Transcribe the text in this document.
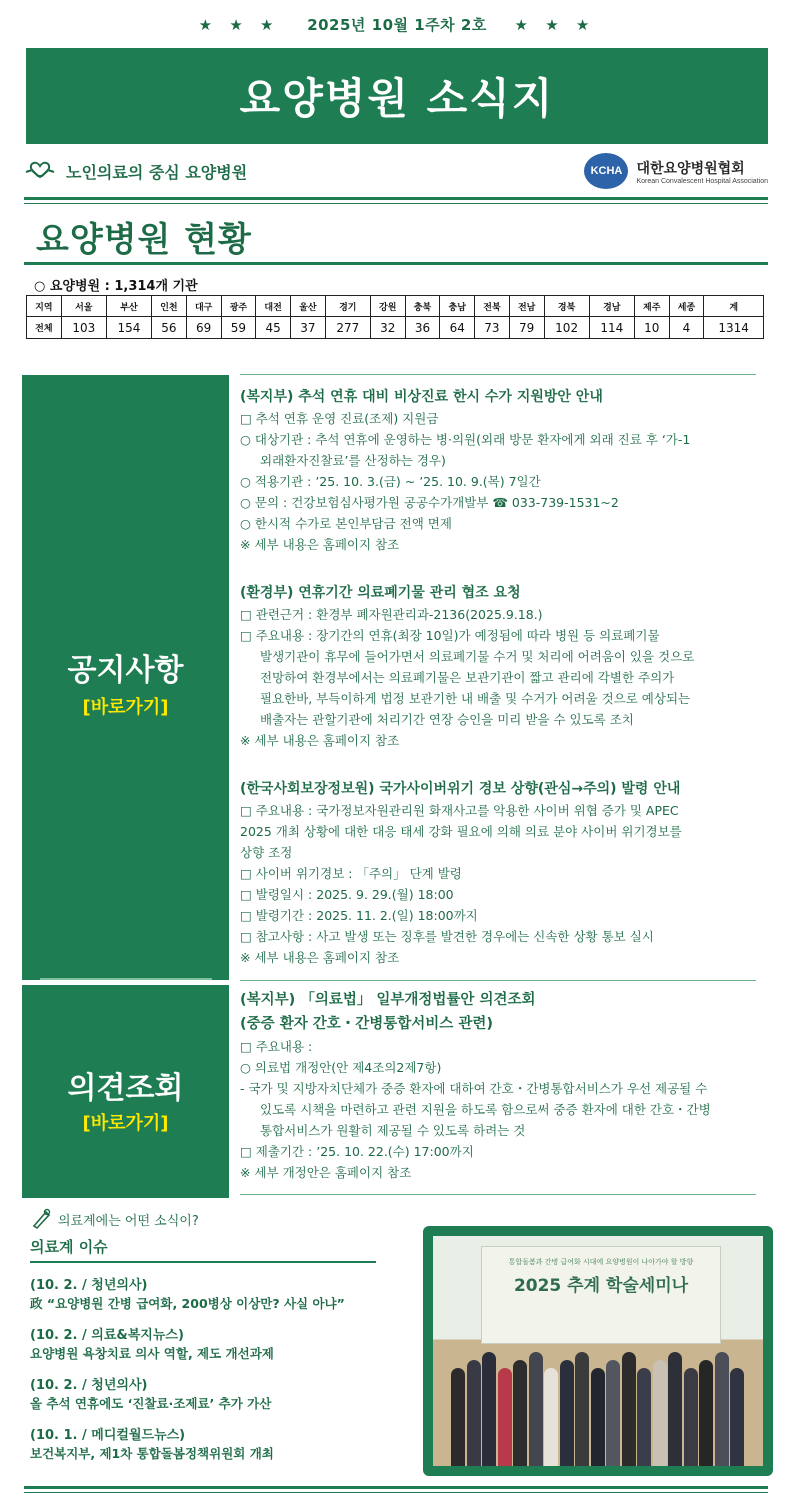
★ ★ ★ 2025년 10월 1주차 2호 ★ ★ ★
요양병원 소식지
노인의료의 중심 요양병원	KCHA	대한요양병원협회
Korean Convalescent Hospital Association
요양병원 현황
○ 요양병원 : 1,314개 기관
지역	서울	부산	인천	대구	광주	대전	울산	경기	강원	충북	충남	전북	전남	경북	경남	제주	세종	계
전체	103	154	56	69	59	45	37	277	32	36	64	73	79	102	114	10	4	1314
공지사항
[바로가기]
의견조회
[바로가기]
(복지부) 추석 연휴 대비 비상진료 한시 수가 지원방안 안내
□ 추석 연휴 운영 진료(조제) 지원금
○ 대상기관 : 추석 연휴에 운영하는 병·의원(외래 방문 환자에게 외래 진료 후 ‘가-1
외래환자진찰료’를 산정하는 경우)
○ 적용기관 : ’25. 10. 3.(금) ~ ’25. 10. 9.(목) 7일간
○ 문의 : 건강보험심사평가원 공공수가개발부 ☎ 033-739-1531~2
○ 한시적 수가로 본인부담금 전액 면제
※ 세부 내용은 홈페이지 참조
(환경부) 연휴기간 의료폐기물 관리 협조 요청
□ 관련근거 : 환경부 폐자원관리과-2136(2025.9.18.)
□ 주요내용 : 장기간의 연휴(최장 10일)가 예정됨에 따라 병원 등 의료폐기물
발생기관이 휴무에 들어가면서 의료폐기물 수거 및 처리에 어려움이 있을 것으로
전망하여 환경부에서는 의료폐기물은 보관기관이 짧고 관리에 각별한 주의가
필요한바, 부득이하게 법정 보관기한 내 배출 및 수거가 어려울 것으로 예상되는
배출자는 관할기관에 처리기간 연장 승인을 미리 받을 수 있도록 조치
※ 세부 내용은 홈페이지 참조
(한국사회보장정보원) 국가사이버위기 경보 상향(관심→주의) 발령 안내
□ 주요내용 : 국가정보자원관리원 화재사고를 악용한 사이버 위협 증가 및 APEC
2025 개최 상황에 대한 대응 태세 강화 필요에 의해 의료 분야 사이버 위기경보를
상향 조정
□ 사이버 위기경보 : 「주의」 단계 발령
□ 발령일시 : 2025. 9. 29.(월) 18:00
□ 발령기간 : 2025. 11. 2.(일) 18:00까지
□ 참고사항 : 사고 발생 또는 징후를 발견한 경우에는 신속한 상황 통보 실시
※ 세부 내용은 홈페이지 참조
(복지부) 「의료법」 일부개정법률안 의견조회
(중증 환자 간호・간병통합서비스 관련)
□ 주요내용 :
○ 의료법 개정안(안 제4조의2제7항)
- 국가 및 지방자치단체가 중증 환자에 대하여 간호・간병통합서비스가 우선 제공될 수
있도록 시책을 마련하고 관련 지원을 하도록 함으로써 중증 환자에 대한 간호・간병
통합서비스가 원활히 제공될 수 있도록 하려는 것
□ 제출기간 : ’25. 10. 22.(수) 17:00까지
※ 세부 개정안은 홈페이지 참조
의료계에는 어떤 소식이?
의료계 이슈
(10. 2. / 청년의사)
政 “요양병원 간병 급여화, 200병상 이상만? 사실 아냐”
(10. 2. / 의료&복지뉴스)
요양병원 욕창치료 의사 역할, 제도 개선과제
(10. 2. / 청년의사)
올 추석 연휴에도 ‘진찰료·조제료’ 추가 가산
(10. 1. / 메디컬월드뉴스)
보건복지부, 제1차 통합돌봄정책위원회 개최
통합돌봄과 간병 급여화 시대에 요양병원이 나아가야 할 방향
2025 추계 학술세미나
